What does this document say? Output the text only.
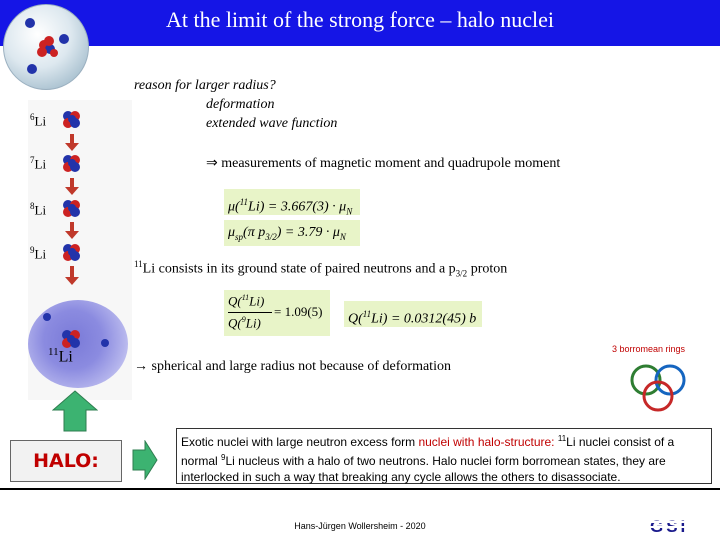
At the limit of the strong force – halo nuclei
$^6$Li
$^7$Li
$^8$Li
$^9$Li
$^{11}$Li
HALO:
reason for larger radius?
deformation
extended wave function
⇒ measurements of magnetic moment and quadrupole moment
$\mu(^{11}Li) = 3.667(3) \cdot \mu_N$
$\mu_{sp}(\pi$ $p_{3/2}) = 3.79 \cdot \mu_N$
$^{11}$Li consists in its ground state of paired neutrons and a $p_{3/2}$ proton
Q($^{11}$Li)
Q($^9$Li)
= 1.09(5)
Q($^{11}$Li) = 0.0312(45) b
→ spherical and large radius not because of deformation
3 borromean rings
Exotic nuclei with large neutron excess form nuclei with halo-structure: $^{11}$Li nuclei consist of a normal $^9$Li nucleus with a halo of two neutrons. Halo nuclei form borromean states, they are interlocked in such a way that breaking any cycle allows the others to disassociate.
Hans-Jürgen Wollersheim - 2020	GSI
